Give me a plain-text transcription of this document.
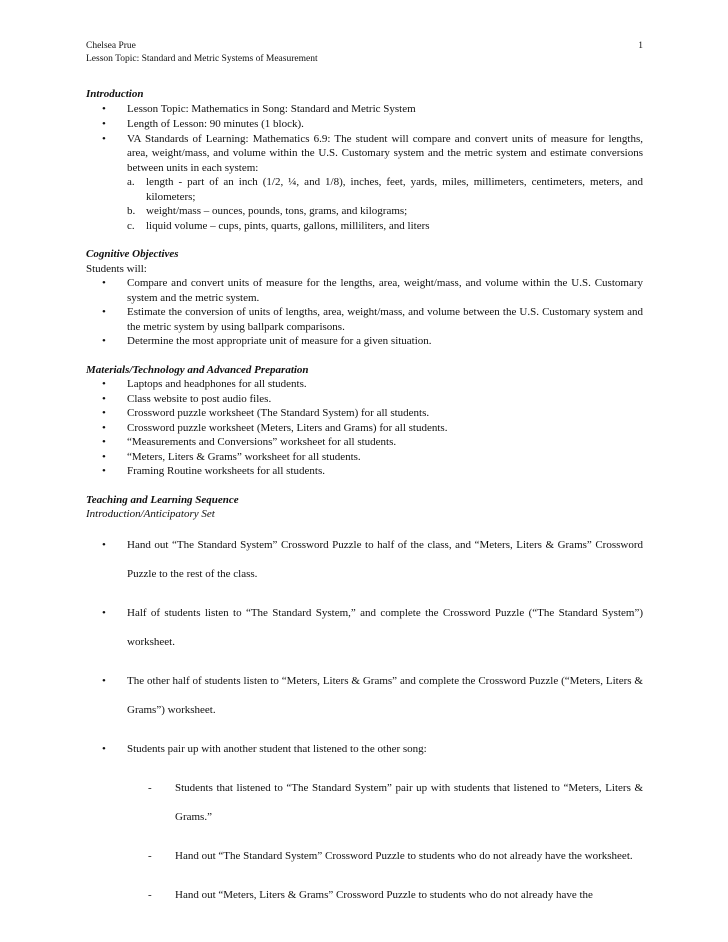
Chelsea Prue
Lesson Topic: Standard and Metric Systems of Measurement
1
Introduction
• Lesson Topic: Mathematics in Song: Standard and Metric System
• Length of Lesson: 90 minutes (1 block).
• VA Standards of Learning: Mathematics 6.9: The student will compare and convert units of measure for lengths, area, weight/mass, and volume within the U.S. Customary system and the metric system and estimate conversions between units in each system:
a. length - part of an inch (1/2, ¼, and 1/8), inches, feet, yards, miles, millimeters, centimeters, meters, and kilometers;
b. weight/mass – ounces, pounds, tons, grams, and kilograms;
c. liquid volume – cups, pints, quarts, gallons, milliliters, and liters
Cognitive Objectives
Students will:
• Compare and convert units of measure for the lengths, area, weight/mass, and volume within the U.S. Customary system and the metric system.
• Estimate the conversion of units of lengths, area, weight/mass, and volume between the U.S. Customary system and the metric system by using ballpark comparisons.
• Determine the most appropriate unit of measure for a given situation.
Materials/Technology and Advanced Preparation
• Laptops and headphones for all students.
• Class website to post audio files.
• Crossword puzzle worksheet (The Standard System) for all students.
• Crossword puzzle worksheet (Meters, Liters and Grams) for all students.
• “Measurements and Conversions” worksheet for all students.
• “Meters, Liters & Grams” worksheet for all students.
• Framing Routine worksheets for all students.
Teaching and Learning Sequence
Introduction/Anticipatory Set
• Hand out “The Standard System” Crossword Puzzle to half of the class, and “Meters, Liters & Grams” Crossword Puzzle to the rest of the class.
• Half of students listen to “The Standard System,” and complete the Crossword Puzzle (“The Standard System”) worksheet.
• The other half of students listen to “Meters, Liters & Grams” and complete the Crossword Puzzle (“Meters, Liters & Grams”) worksheet.
• Students pair up with another student that listened to the other song:
- Students that listened to “The Standard System” pair up with students that listened to “Meters, Liters & Grams.”
- Hand out “The Standard System” Crossword Puzzle to students who do not already have the worksheet.
- Hand out “Meters, Liters & Grams” Crossword Puzzle to students who do not already have the
